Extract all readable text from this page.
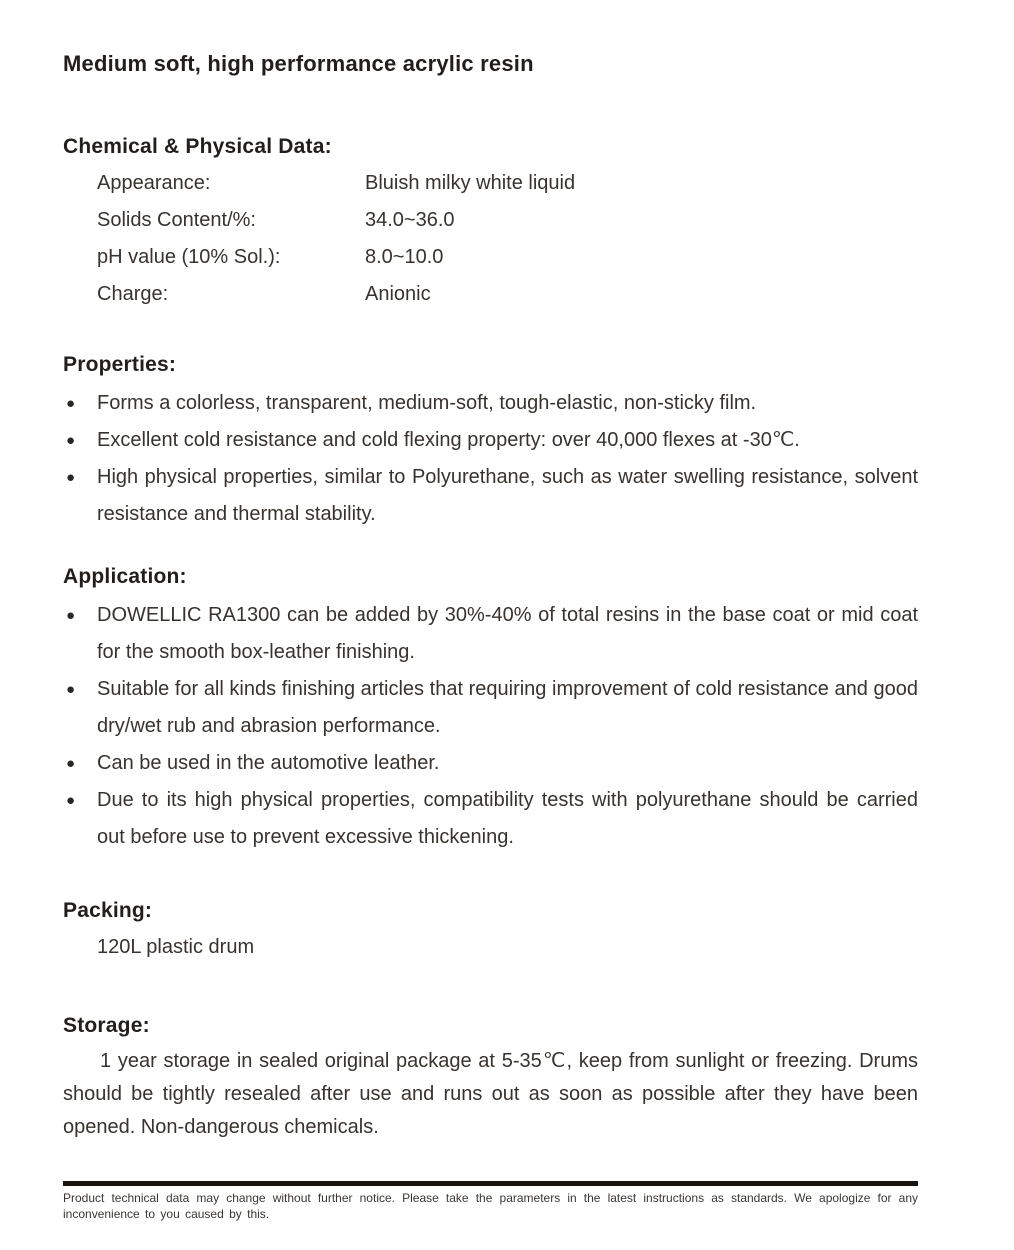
Medium soft, high performance acrylic resin
Chemical & Physical Data:
Appearance:	Bluish milky white liquid
Solids Content/%:	34.0~36.0
pH value (10% Sol.):	8.0~10.0
Charge:	Anionic
Properties:
●	Forms a colorless, transparent, medium-soft, tough-elastic, non-sticky film.
●	Excellent cold resistance and cold flexing property: over 40,000 flexes at -30℃.
●	High physical properties, similar to Polyurethane, such as water swelling resistance, solvent resistance and thermal stability.
Application:
●	DOWELLIC RA1300 can be added by 30%-40% of total resins in the base coat or mid coat for the smooth box-leather finishing.
●	Suitable for all kinds finishing articles that requiring improvement of cold resistance and good dry/wet rub and abrasion performance.
●	Can be used in the automotive leather.
●	Due to its high physical properties, compatibility tests with polyurethane should be carried out before use to prevent excessive thickening.
Packing:
120L plastic drum
Storage:

1 year storage in sealed original package at 5-35℃, keep from sunlight or freezing. Drums should be tightly resealed after use and runs out as soon as possible after they have been opened. Non-dangerous chemicals.

Product technical data may change without further notice. Please take the parameters in the latest instructions as standards. We apologize for any inconvenience to you caused by this.
